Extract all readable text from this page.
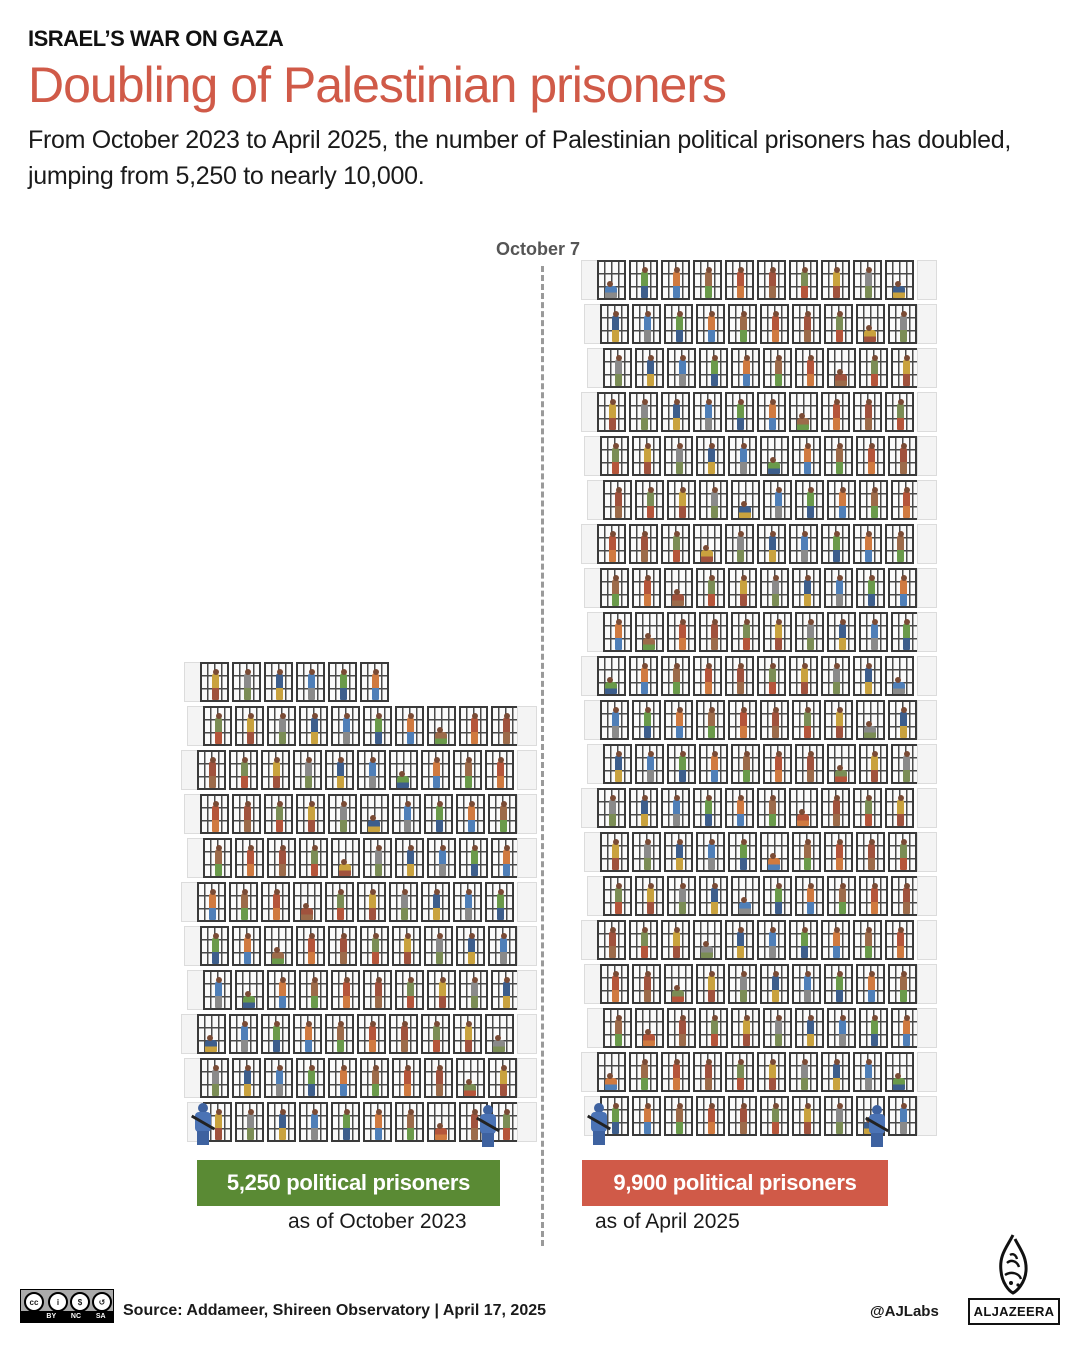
ISRAEL’S WAR ON GAZA
Doubling of Palestinian prisoners
From October 2023 to April 2025, the number of Palestinian political prisoners has doubled, jumping from 5,250 to nearly 10,000.
October 7
5,250 political prisoners
as of October 2023
9,900 political prisoners
as of April 2025
cc	i	$	↺
BY NC SA Source: Addameer, Shireen Observatory | April 17, 2025	@AJLabs	ALJAZEERA
